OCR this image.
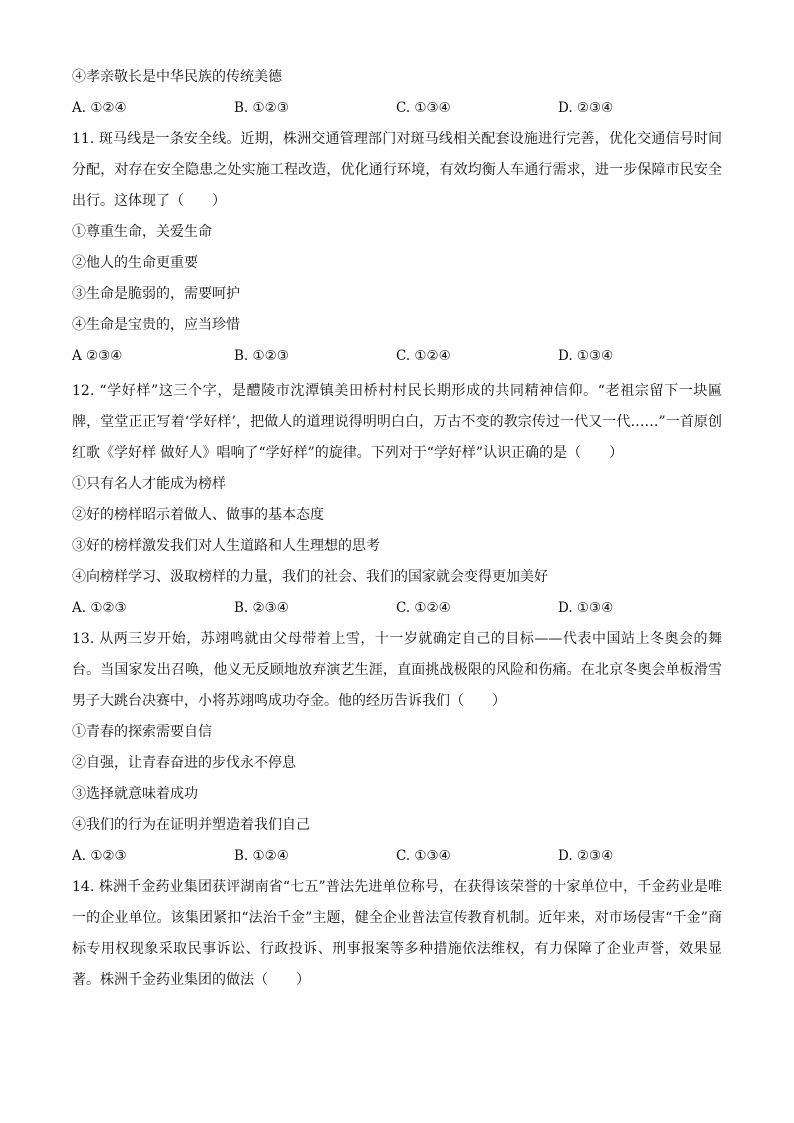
④孝亲敬长是中华民族的传统美德
A. ①②④	B. ①②③	C. ①③④	D. ②③④
11. 斑马线是一条安全线。近期，株洲交通管理部门对斑马线相关配套设施进行完善，优化交通信号时间分配，对存在安全隐患之处实施工程改造，优化通行环境，有效均衡人车通行需求，进一步保障市民安全出行。这体现了（　　）
①尊重生命，关爱生命
②他人的生命更重要
③生命是脆弱的，需要呵护
④生命是宝贵的，应当珍惜
A ②③④	B. ①②③	C. ①②④	D. ①③④
12. “学好样”这三个字，是醴陵市沈潭镇美田桥村村民长期形成的共同精神信仰。“老祖宗留下一块匾牌，堂堂正正写着‘学好样’，把做人的道理说得明明白白，万古不变的教宗传过一代又一代……”一首原创红歌《学好样 做好人》唱响了“学好样”的旋律。下列对于“学好样”认识正确的是（　　）
①只有名人才能成为榜样
②好的榜样昭示着做人、做事的基本态度
③好的榜样激发我们对人生道路和人生理想的思考
④向榜样学习、汲取榜样的力量，我们的社会、我们的国家就会变得更加美好
A. ①②③	B. ②③④	C. ①②④	D. ①③④
13. 从两三岁开始，苏翊鸣就由父母带着上雪，十一岁就确定自己的目标——代表中国站上冬奥会的舞台。当国家发出召唤，他义无反顾地放弃演艺生涯，直面挑战极限的风险和伤痛。在北京冬奥会单板滑雪男子大跳台决赛中，小将苏翊鸣成功夺金。他的经历告诉我们（　　）
①青春的探索需要自信
②自强，让青春奋进的步伐永不停息
③选择就意味着成功
④我们的行为在证明并塑造着我们自己
A. ①②③	B. ①②④	C. ①③④	D. ②③④
14. 株洲千金药业集团获评湖南省“七五”普法先进单位称号，在获得该荣誉的十家单位中，千金药业是唯一的企业单位。该集团紧扣“法治千金”主题，健全企业普法宣传教育机制。近年来，对市场侵害“千金”商标专用权现象采取民事诉讼、行政投诉、刑事报案等多种措施依法维权，有力保障了企业声誉，效果显著。株洲千金药业集团的做法（　　）
